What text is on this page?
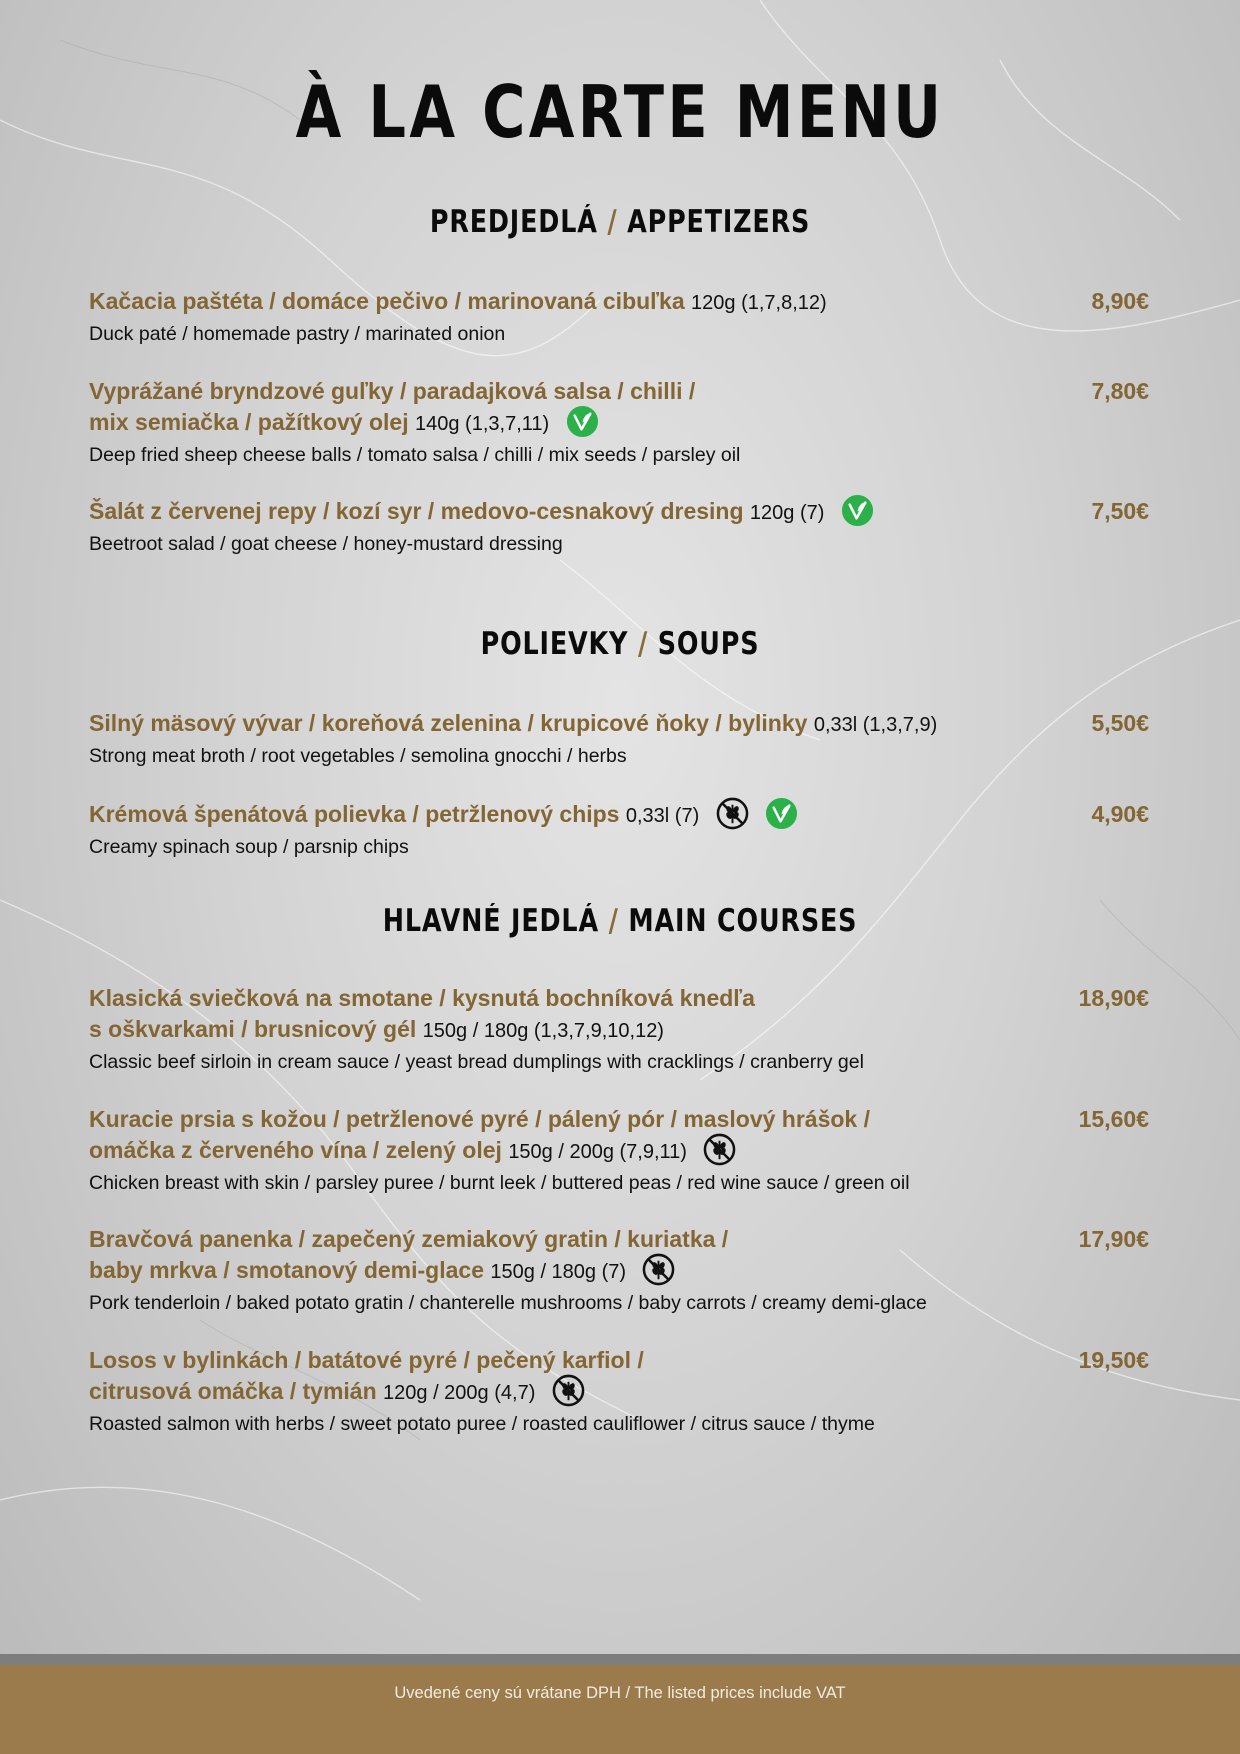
À LA CARTE MENU
PREDJEDLÁ / APPETIZERS
Kačacia paštéta / domáce pečivo / marinovaná cibuľka 120g (1,7,8,12)
Duck paté / homemade pastry / marinated onion
8,90€
Vyprážané bryndzové guľky / paradajková salsa / chilli /
mix semiačka / pažítkový olej 140g (1,3,7,11)
Deep fried sheep cheese balls / tomato salsa / chilli / mix seeds / parsley oil
7,80€
Šalát z červenej repy / kozí syr / medovo-cesnakový dresing 120g (7)
Beetroot salad / goat cheese / honey-mustard dressing
7,50€
POLIEVKY / SOUPS
Silný mäsový vývar / koreňová zelenina / krupicové ňoky / bylinky 0,33l (1,3,7,9)
Strong meat broth / root vegetables / semolina gnocchi / herbs
5,50€
Krémová špenátová polievka / petržlenový chips 0,33l (7)
Creamy spinach soup / parsnip chips
4,90€
HLAVNÉ JEDLÁ / MAIN COURSES
Klasická sviečková na smotane / kysnutá bochníková knedľa
s oškvarkami / brusnicový gél 150g / 180g (1,3,7,9,10,12)
Classic beef sirloin in cream sauce / yeast bread dumplings with cracklings / cranberry gel
18,90€
Kuracie prsia s kožou / petržlenové pyré / pálený pór / maslový hrášok /
omáčka z červeného vína / zelený olej 150g / 200g (7,9,11)
Chicken breast with skin / parsley puree / burnt leek / buttered peas / red wine sauce / green oil
15,60€
Bravčová panenka / zapečený zemiakový gratin / kuriatka /
baby mrkva / smotanový demi-glace 150g / 180g (7)
Pork tenderloin / baked potato gratin / chanterelle mushrooms / baby carrots / creamy demi-glace
17,90€
Losos v bylinkách / batátové pyré / pečený karfiol /
citrusová omáčka / tymián 120g / 200g (4,7)
Roasted salmon with herbs / sweet potato puree / roasted cauliflower / citrus sauce / thyme
19,50€
Uvedené ceny sú vrátane DPH / The listed prices include VAT
